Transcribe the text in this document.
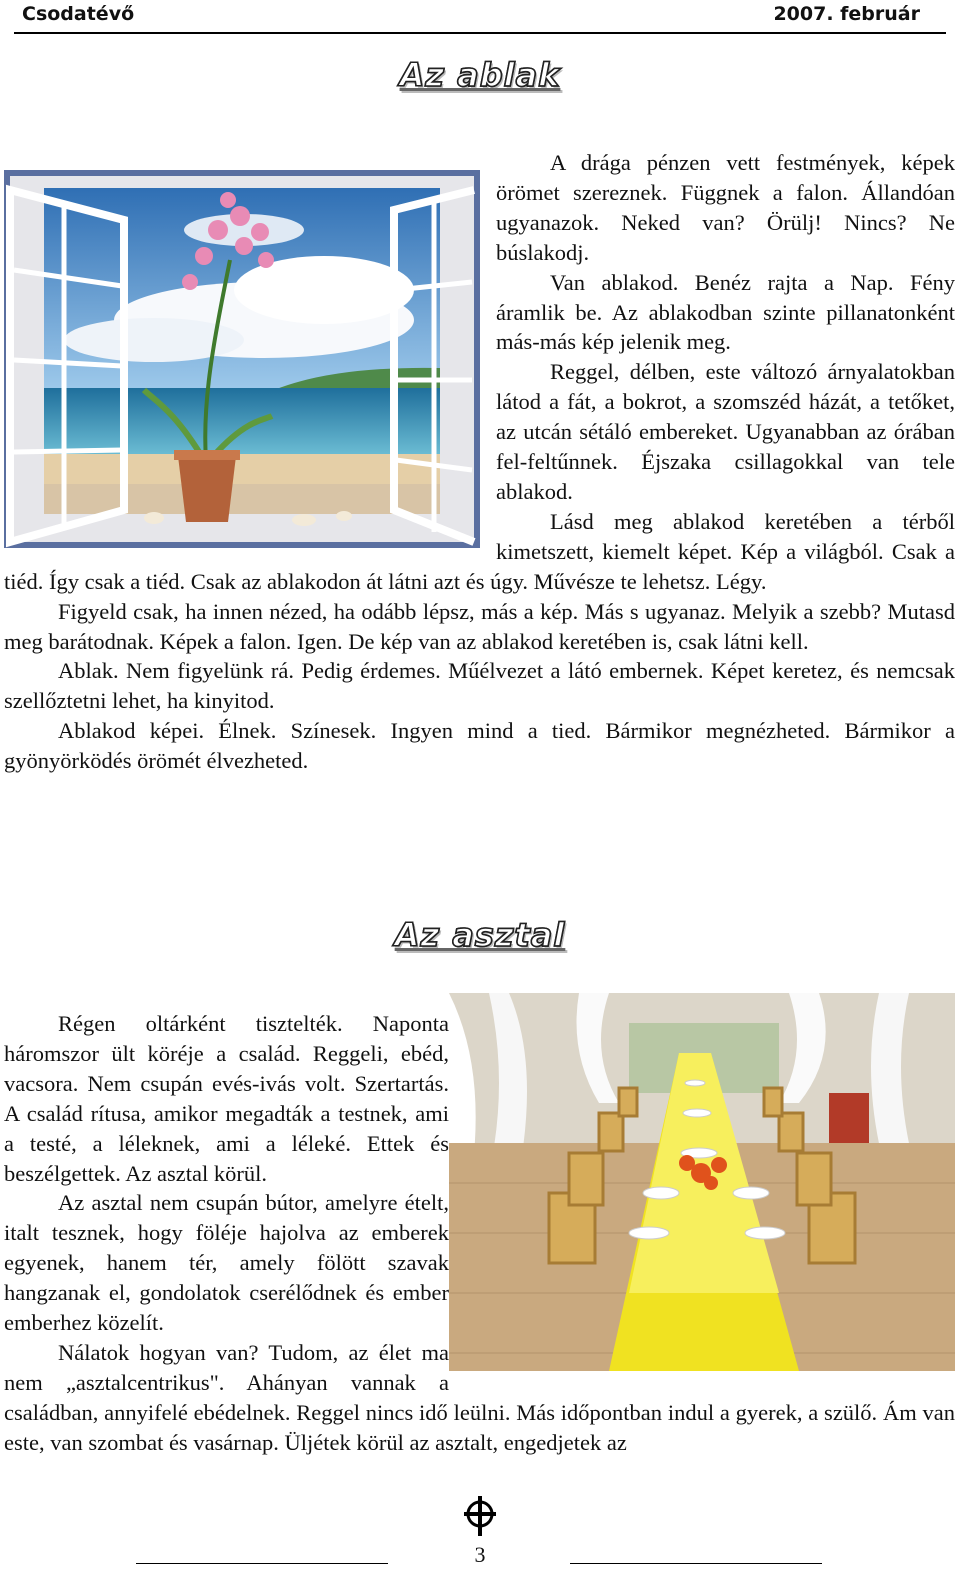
Csodatévő	2007. február
Az ablak

A drága pénzen vett festmények, képek örömet szereznek. Függnek a falon. Állandóan ugyanazok. Neked van? Örülj! Nincs? Ne búslakodj.

Van ablakod. Benéz rajta a Nap. Fény áramlik be. Az ablakodban szinte pillanatonként más-más kép jelenik meg.

Reggel, délben, este változó árnyalatokban látod a fát, a bokrot, a szomszéd házát, a tetőket, az utcán sétáló embereket. Ugyanabban az órában fel-feltűnnek. Éjszaka csillagokkal van tele ablakod.

Lásd meg ablakod keretében a térből kimetszett, kiemelt képet. Kép a világból. Csak a tiéd. Így csak a tiéd. Csak az ablakodon át látni azt és úgy. Művésze te lehetsz. Légy.

Figyeld csak, ha innen nézed, ha odább lépsz, más a kép. Más s ugyanaz. Melyik a szebb? Mutasd meg barátodnak. Képek a falon. Igen. De kép van az ablakod keretében is, csak látni kell.

Ablak. Nem figyelünk rá. Pedig érdemes. Műélvezet a látó embernek. Képet keretez, és nemcsak szellőztetni lehet, ha kinyitod.

Ablakod képei. Élnek. Színesek. Ingyen mind a tied. Bármikor megnézheted. Bármikor a gyönyörködés örömét élvezheted.

Az asztal

Régen oltárként tisztelték. Naponta háromszor ült köréje a család. Reggeli, ebéd, vacsora. Nem csupán evés-ivás volt. Szertartás. A család rítusa, amikor megadták a testnek, ami a testé, a léleknek, ami a léleké. Ettek és beszélgettek. Az asztal körül.

Az asztal nem csupán bútor, amelyre ételt, italt tesznek, hogy föléje hajolva az emberek egyenek, hanem tér, amely fölött szavak hangzanak el, gondolatok cserélődnek és ember emberhez közelít.

Nálatok hogyan van? Tudom, az élet ma nem „asztalcentrikus". Ahányan vannak a családban, annyifelé ebédelnek. Reggel nincs idő leülni. Más időpontban indul a gyerek, a szülő. Ám van este, van szombat és vasárnap. Üljétek körül az asztalt, engedjetek az

3
